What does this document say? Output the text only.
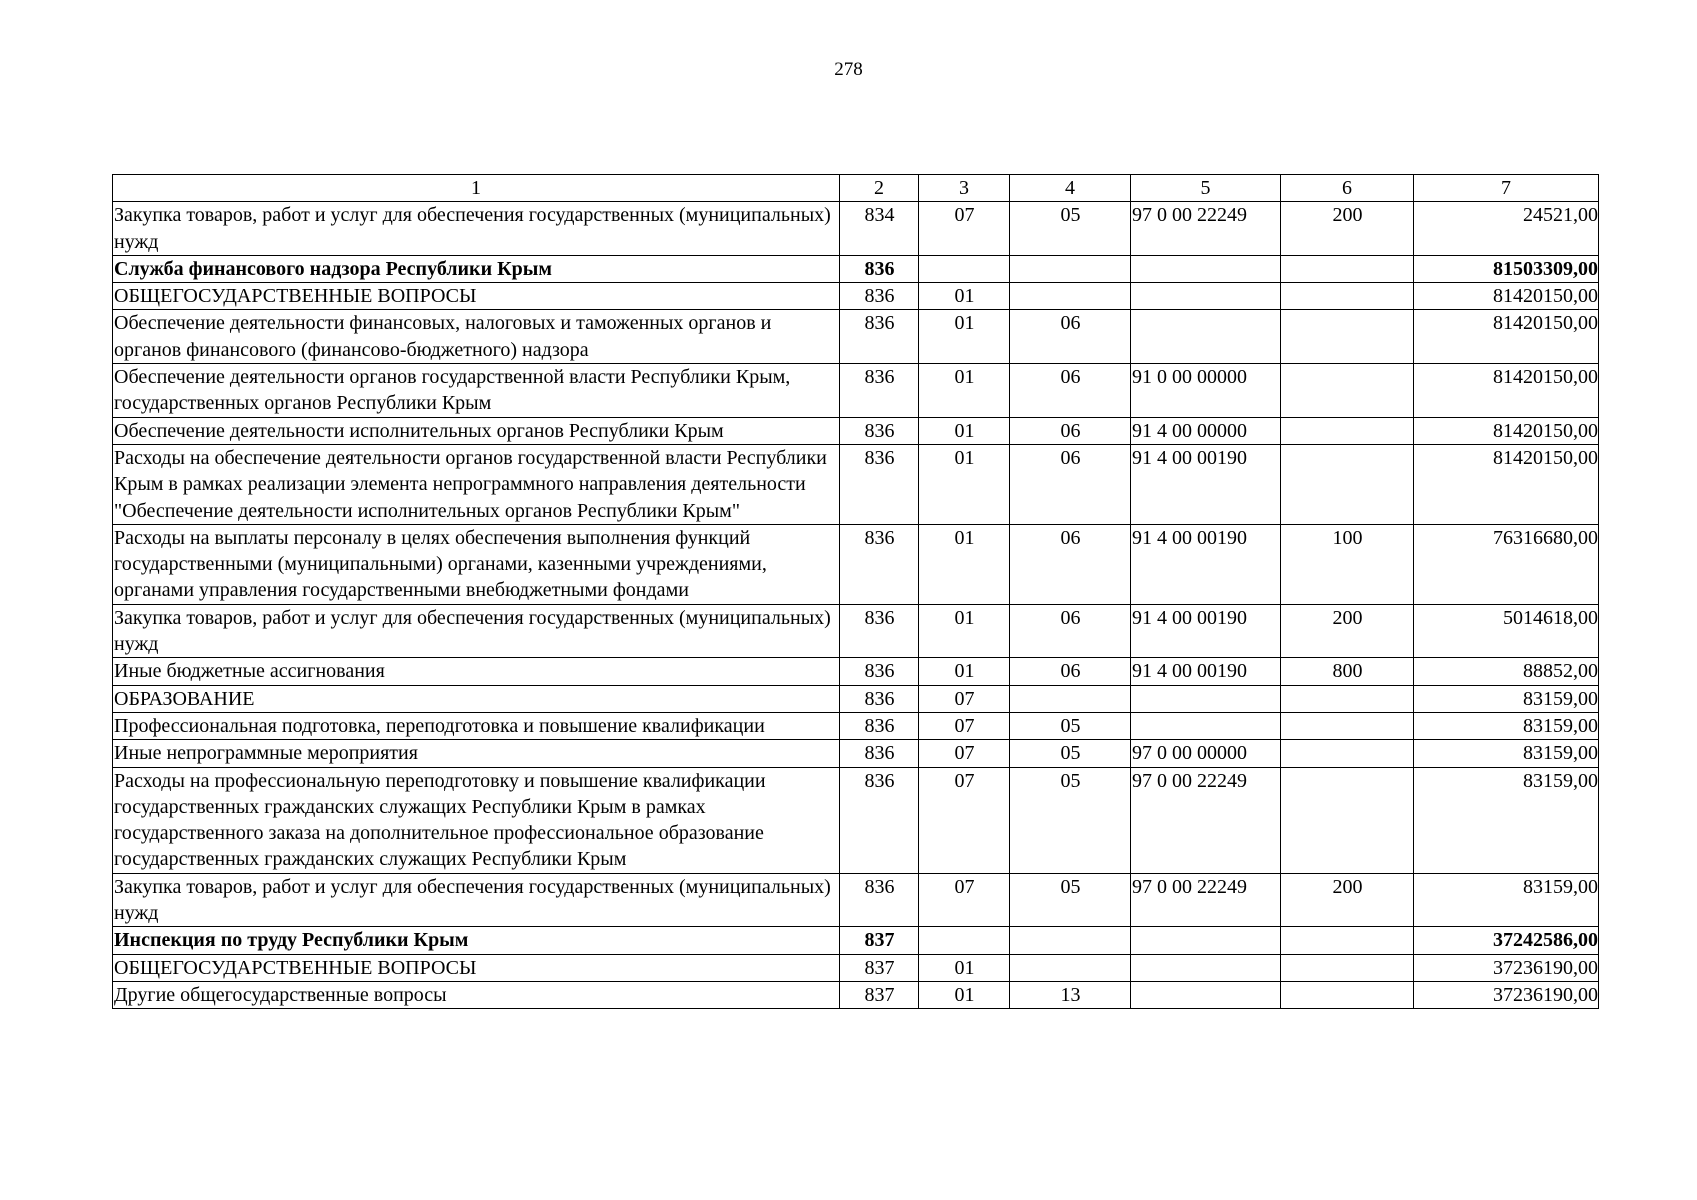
278
1	2	3	4	5	6	7
Закупка товаров, работ и услуг для обеспечения государственных (муниципальных) нужд	834	07	05	97 0 00 22249	200	24521,00
Служба финансового надзора Республики Крым	836					81503309,00
ОБЩЕГОСУДАРСТВЕННЫЕ ВОПРОСЫ	836	01				81420150,00
Обеспечение деятельности финансовых, налоговых и таможенных органов и органов финансового (финансово-бюджетного) надзора	836	01	06			81420150,00
Обеспечение деятельности органов государственной власти Республики Крым, государственных органов Республики Крым	836	01	06	91 0 00 00000		81420150,00
Обеспечение деятельности исполнительных органов Республики Крым	836	01	06	91 4 00 00000		81420150,00
Расходы на обеспечение деятельности органов государственной власти Республики Крым в рамках реализации элемента непрограммного направления деятельности "Обеспечение деятельности исполнительных органов Республики Крым"	836	01	06	91 4 00 00190		81420150,00
Расходы на выплаты персоналу в целях обеспечения выполнения функций государственными (муниципальными) органами, казенными учреждениями, органами управления государственными внебюджетными фондами	836	01	06	91 4 00 00190	100	76316680,00
Закупка товаров, работ и услуг для обеспечения государственных (муниципальных) нужд	836	01	06	91 4 00 00190	200	5014618,00
Иные бюджетные ассигнования	836	01	06	91 4 00 00190	800	88852,00
ОБРАЗОВАНИЕ	836	07				83159,00
Профессиональная подготовка, переподготовка и повышение квалификации	836	07	05			83159,00
Иные непрограммные мероприятия	836	07	05	97 0 00 00000		83159,00
Расходы на профессиональную переподготовку и повышение квалификации государственных гражданских служащих Республики Крым в рамках государственного заказа на дополнительное профессиональное образование государственных гражданских служащих Республики Крым	836	07	05	97 0 00 22249		83159,00
Закупка товаров, работ и услуг для обеспечения государственных (муниципальных) нужд	836	07	05	97 0 00 22249	200	83159,00
Инспекция по труду Республики Крым	837					37242586,00
ОБЩЕГОСУДАРСТВЕННЫЕ ВОПРОСЫ	837	01				37236190,00
Другие общегосударственные вопросы	837	01	13			37236190,00
